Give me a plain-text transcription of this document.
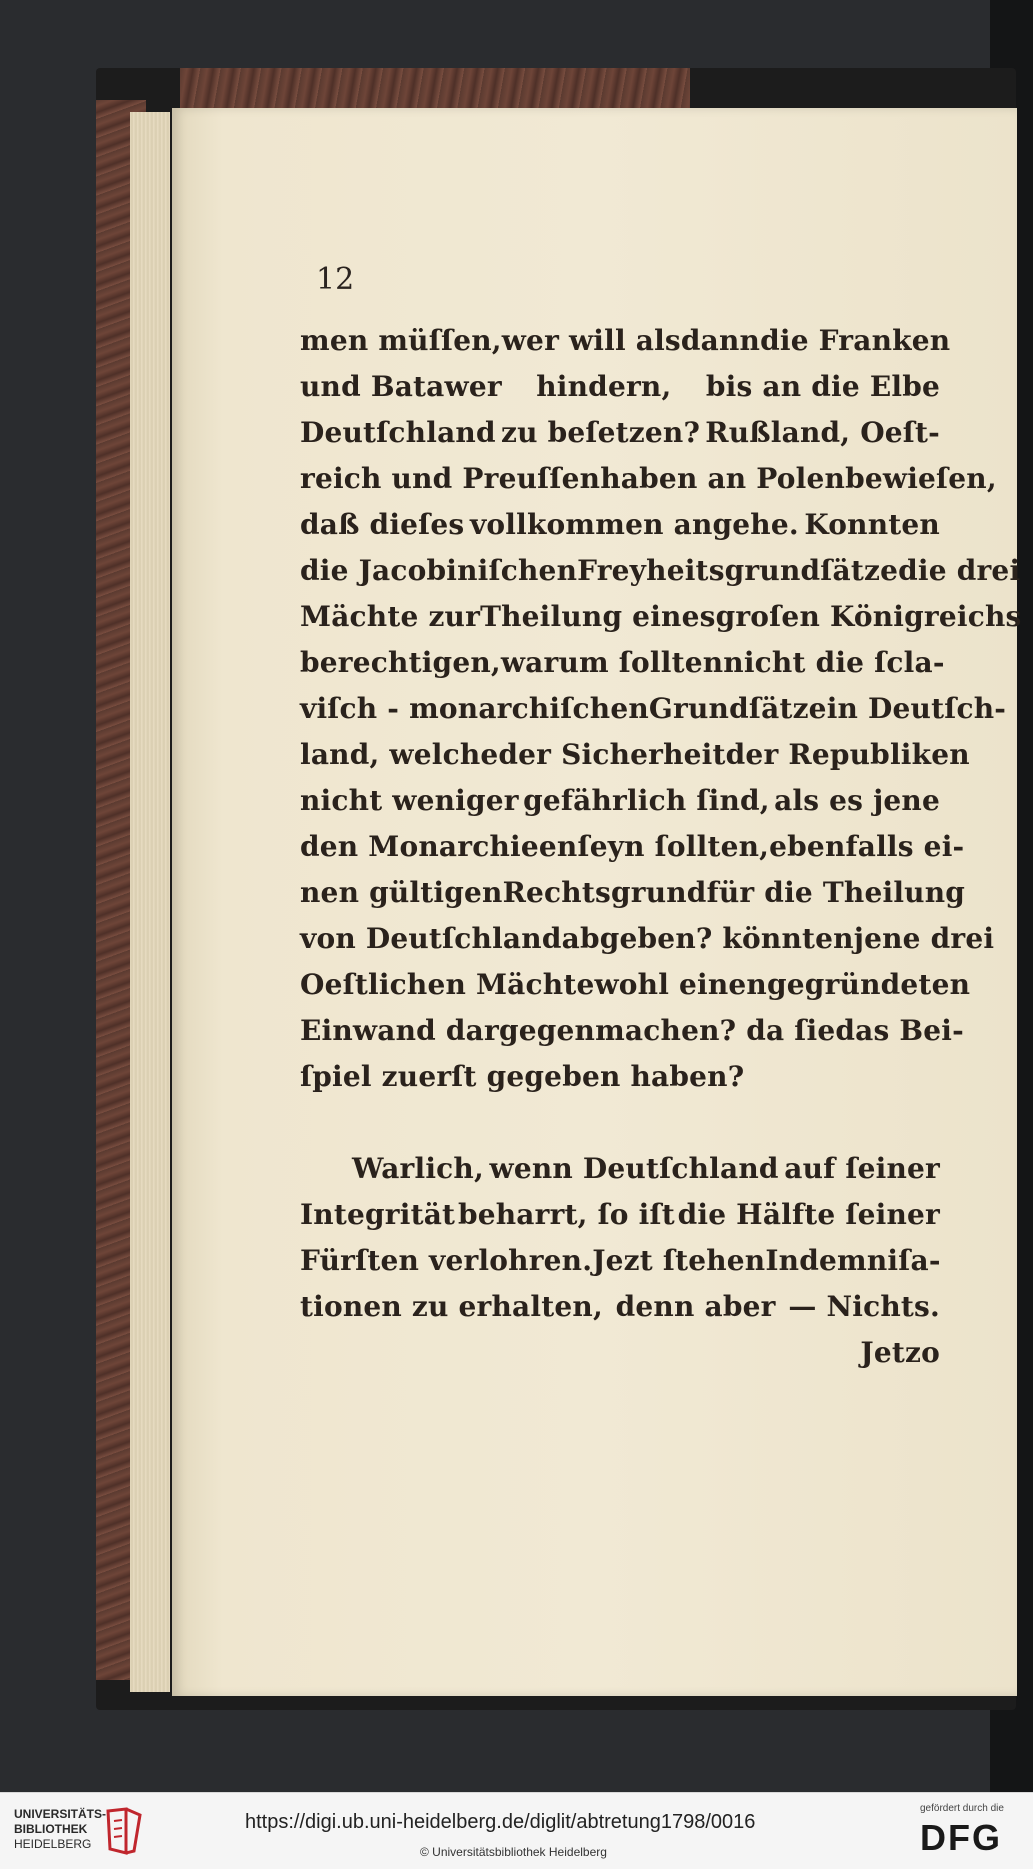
12
men müſſen, wer will alsdann die Franken
und Batawer hindern, bis an die Elbe
Deutſchland zu beſetzen? Rußland, Oeſt-
reich und Preuſſen haben an Polen bewieſen,
daß dieſes vollkommen angehe. Konnten
die Jacobiniſchen Freyheitsgrundſätze die drei
Mächte zur Theilung eines groſen Königreichs
berechtigen, warum ſollten nicht die ſcla-
viſch - monarchiſchen Grundſätze in Deutſch-
land, welche der Sicherheit der Republiken
nicht weniger gefährlich ſind, als es jene
den Monarchieen ſeyn ſollten, ebenfalls ei-
nen gültigen Rechtsgrund für die Theilung
von Deutſchland abgeben? könnten jene drei
Oeſtlichen Mächte wohl einen gegründeten
Einwand dargegen machen? da ſie das Bei-
ſpiel zuerſt gegeben haben?
Warlich, wenn Deutſchland auf ſeiner
Integrität beharrt, ſo iſt die Hälfte ſeiner
Fürſten verlohren. Jezt ſtehen Indemniſa-
tionen zu erhalten, denn aber — Nichts.
Jetzo
UNIVERSITÄTS-
BIBLIOTHEK
HEIDELBERG
https://digi.ub.uni-heidelberg.de/diglit/abtretung1798/0016
© Universitätsbibliothek Heidelberg
gefördert durch die
DFG
